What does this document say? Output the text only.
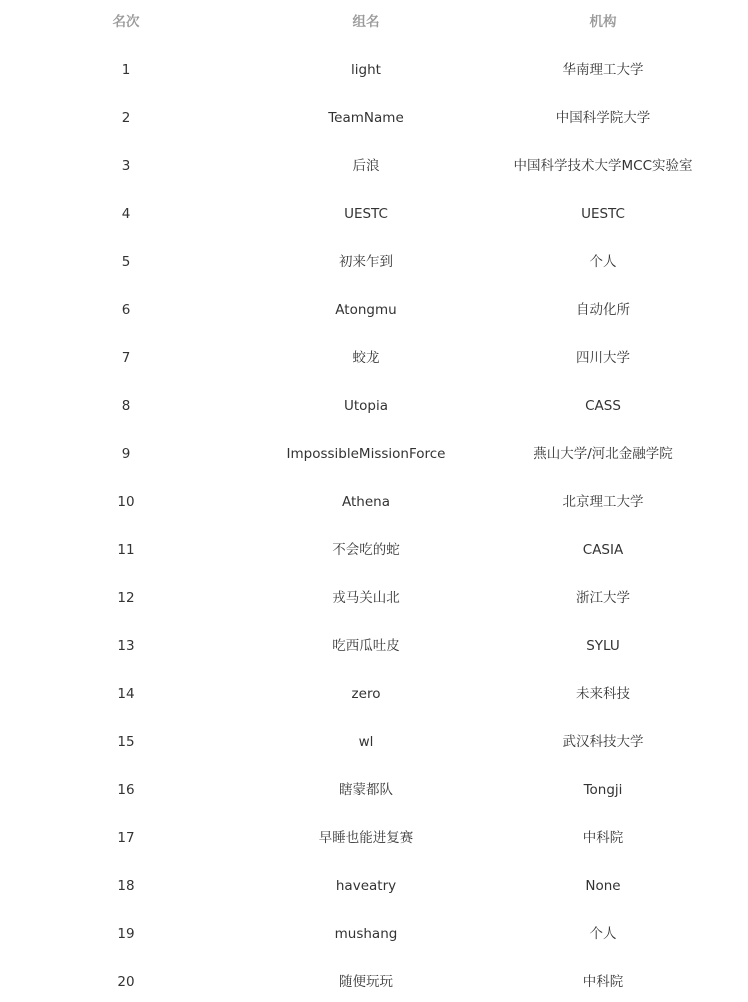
名次	组名	机构
1	light	华南理工大学
2	TeamName	中国科学院大学
3	后浪	中国科学技术大学MCC实验室
4	UESTC	UESTC
5	初来乍到	个人
6	Atongmu	自动化所
7	蛟龙	四川大学
8	Utopia	CASS
9	ImpossibleMissionForce	燕山大学/河北金融学院
10	Athena	北京理工大学
11	不会吃的蛇	CASIA
12	戎马关山北	浙江大学
13	吃西瓜吐皮	SYLU
14	zero	未来科技
15	wl	武汉科技大学
16	瞎蒙都队	Tongji
17	早睡也能进复赛	中科院
18	haveatry	None
19	mushang	个人
20	随便玩玩	中科院
